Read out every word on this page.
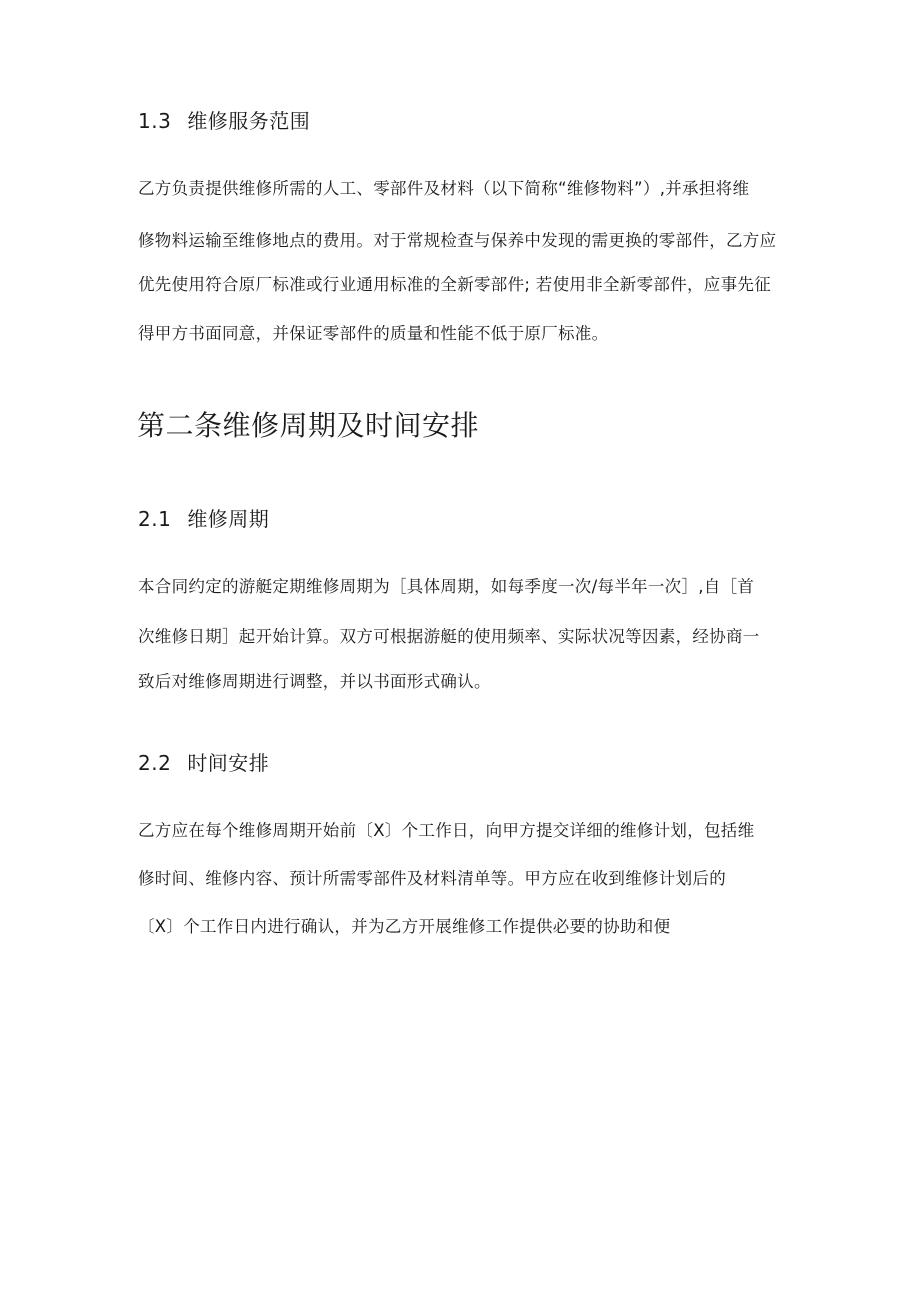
1.3 维修服务范围
乙方负责提供维修所需的人工、零部件及材料（以下简称“维修物料”）,并承担将维
修物料运输至维修地点的费用。对于常规检查与保养中发现的需更换的零部件，乙方应
优先使用符合原厂标准或行业通用标准的全新零部件; 若使用非全新零部件，应事先征
得甲方书面同意，并保证零部件的质量和性能不低于原厂标准。
第二条维修周期及时间安排
2.1 维修周期
本合同约定的游艇定期维修周期为［具体周期，如每季度一次/每半年一次］,自［首
次维修日期］起开始计算。双方可根据游艇的使用频率、实际状况等因素，经协商一
致后对维修周期进行调整，并以书面形式确认。
2.2 时间安排
乙方应在每个维修周期开始前〔X〕个工作日，向甲方提交详细的维修计划，包括维
修时间、维修内容、预计所需零部件及材料清单等。甲方应在收到维修计划后的
〔X〕个工作日内进行确认，并为乙方开展维修工作提供必要的协助和便
